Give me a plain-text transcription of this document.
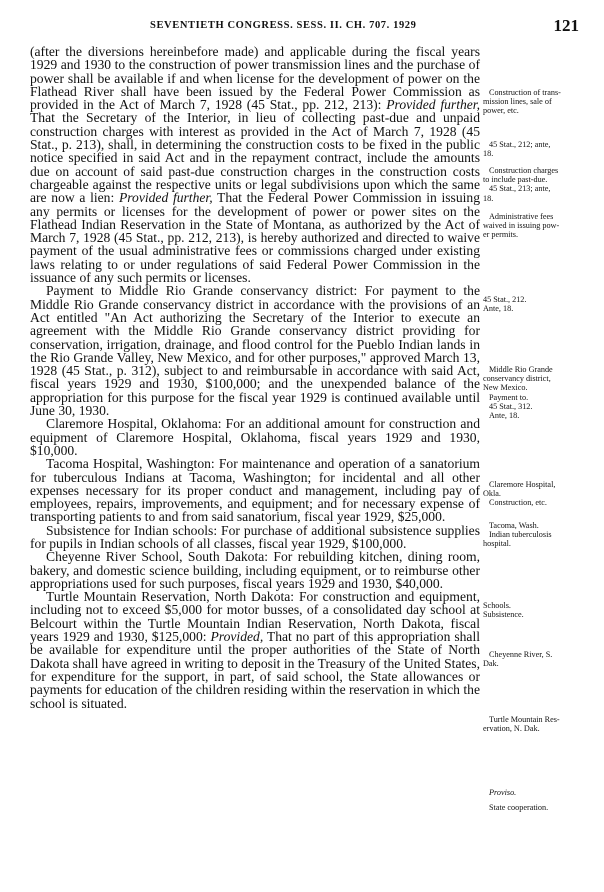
SEVENTIETH CONGRESS. SESS. II. CH. 707. 1929	121

(after the diversions hereinbefore made) and applicable during the fiscal years 1929 and 1930 to the construction of power transmission lines and the purchase of power shall be available if and when license for the development of power on the Flathead River shall have been issued by the Federal Power Commission as provided in the Act of March 7, 1928 (45 Stat., pp. 212, 213): Provided further, That the Secretary of the Interior, in lieu of collecting past-due and unpaid construction charges with interest as provided in the Act of March 7, 1928 (45 Stat., p. 213), shall, in determining the construction costs to be fixed in the public notice specified in said Act and in the repayment contract, include the amounts due on account of said past-due construction charges in the construction costs chargeable against the respective units or legal subdivisions upon which the same are now a lien: Provided further, That the Federal Power Commission in issuing any permits or licenses for the development of power or power sites on the Flathead Indian Reservation in the State of Montana, as authorized by the Act of March 7, 1928 (45 Stat., pp. 212, 213), is hereby authorized and directed to waive payment of the usual administrative fees or commissions charged under existing laws relating to or under regulations of said Federal Power Commission in the issuance of any such permits or licenses.

Payment to Middle Rio Grande conservancy district: For payment to the Middle Rio Grande conservancy district in accordance with the provisions of an Act entitled "An Act authorizing the Secretary of the Interior to execute an agreement with the Middle Rio Grande conservancy district providing for conservation, irrigation, drainage, and flood control for the Pueblo Indian lands in the Rio Grande Valley, New Mexico, and for other purposes," approved March 13, 1928 (45 Stat., p. 312), subject to and reimbursable in accordance with said Act, fiscal years 1929 and 1930, $100,000; and the unexpended balance of the appropriation for this purpose for the fiscal year 1929 is continued available until June 30, 1930.

Claremore Hospital, Oklahoma: For an additional amount for construction and equipment of Claremore Hospital, Oklahoma, fiscal years 1929 and 1930, $10,000.

Tacoma Hospital, Washington: For maintenance and operation of a sanatorium for tuberculous Indians at Tacoma, Washington; for incidental and all other expenses necessary for its proper conduct and management, including pay of employees, repairs, improvements, and equipment; and for necessary expense of transporting patients to and from said sanatorium, fiscal year 1929, $25,000.

Subsistence for Indian schools: For purchase of additional subsistence supplies for pupils in Indian schools of all classes, fiscal year 1929, $100,000.

Cheyenne River School, South Dakota: For rebuilding kitchen, dining room, bakery, and domestic science building, including equipment, or to reimburse other appropriations used for such purposes, fiscal years 1929 and 1930, $40,000.

Turtle Mountain Reservation, North Dakota: For construction and equipment, including not to exceed $5,000 for motor busses, of a consolidated day school at Belcourt within the Turtle Mountain Indian Reservation, North Dakota, fiscal years 1929 and 1930, $125,000: Provided, That no part of this appropriation shall be available for expenditure until the proper authorities of the State of North Dakota shall have agreed in writing to deposit in the Treasury of the United States, for expenditure for the support, in part, of said school, the State allowances or payments for education of the children residing within the reservation in which the school is situated.

Construction of trans-
mission lines, sale of
power, etc.
45 Stat., 212; ante,
18.
Construction charges
to include past-due.
45 Stat., 213; ante,
18.
Administrative fees
waived in issuing pow-
er permits.
45 Stat., 212.
Ante, 18.
Middle Rio Grande
conservancy district,
New Mexico.
Payment to.
45 Stat., 312.
Ante, 18.
Claremore Hospital,
Okla.
Construction, etc.
Tacoma, Wash.
Indian tuberculosis
hospital.
Schools.
Subsistence.
Cheyenne River, S.
Dak.
Turtle Mountain Res-
ervation, N. Dak.
Proviso.
State cooperation.
